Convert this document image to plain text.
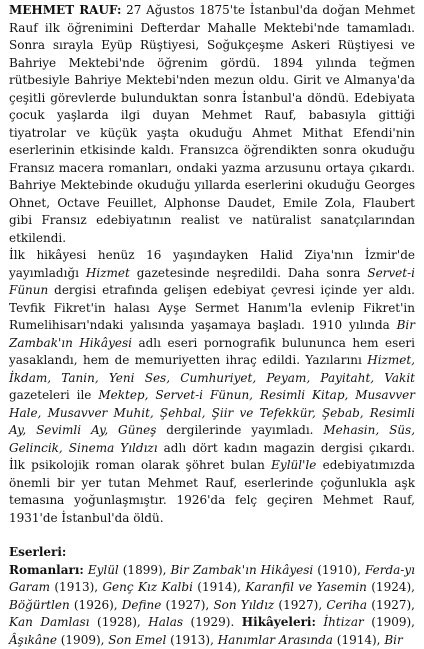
MEHMET RAUF: 27 Ağustos 1875'te İstanbul'da doğan Mehmet Rauf ilk öğrenimini Defterdar Mahalle Mektebi'nde tamamladı. Sonra sırayla Eyüp Rüştiyesi, Soğukçeşme Askeri Rüştiyesi ve Bahriye Mektebi'nde öğrenim gördü. 1894 yılında teğmen rütbesiyle Bahriye Mektebi'nden mezun oldu. Girit ve Almanya'da çeşitli görevlerde bulunduktan sonra İstanbul'a döndü. Edebiyata çocuk yaşlarda ilgi duyan Mehmet Rauf, babasıyla gittiği tiyatrolar ve küçük yaşta okuduğu Ahmet Mithat Efendi'nin eserlerinin etkisinde kaldı. Fransızca öğrendikten sonra okuduğu Fransız macera romanları, ondaki yazma arzusunu ortaya çıkardı. Bahriye Mektebinde okuduğu yıllarda eserlerini okuduğu Georges Ohnet, Octave Feuillet, Alphonse Daudet, Emile Zola, Flaubert gibi Fransız edebiyatının realist ve natüralist sanatçılarından etkilendi.

İlk hikâyesi henüz 16 yaşındayken Halid Ziya'nın İzmir'de yayımladığı Hizmet gazetesinde neşredildi. Daha sonra Servet-i Fünun dergisi etrafında gelişen edebiyat çevresi içinde yer aldı. Tevfik Fikret'in halası Ayşe Sermet Hanım'la evlenip Fikret'in Rumelihisarı'ndaki yalısında yaşamaya başladı. 1910 yılında Bir Zambak'ın Hikâyesi adlı eseri pornografik bulununca hem eseri yasaklandı, hem de memuriyetten ihraç edildi. Yazılarını Hizmet, İkdam, Tanin, Yeni Ses, Cumhuriyet, Peyam, Payitaht, Vakit gazeteleri ile Mektep, Servet-i Fünun, Resimli Kitap, Musavver Hale, Musavver Muhit, Şehbal, Şiir ve Tefekkür, Şebab, Resimli Ay, Sevimli Ay, Güneş dergilerinde yayımladı. Mehasin, Süs, Gelincik, Sinema Yıldızı adlı dört kadın magazin dergisi çıkardı. İlk psikolojik roman olarak şöhret bulan Eylül'le edebiyatımızda önemli bir yer tutan Mehmet Rauf, eserlerinde çoğunlukla aşk temasına yoğunlaşmıştır. 1926'da felç geçiren Mehmet Rauf, 1931'de İstanbul'da öldü.

Eserleri:

Romanları: Eylül (1899), Bir Zambak'ın Hikâyesi (1910), Ferda-yı Garam (1913), Genç Kız Kalbi (1914), Karanfil ve Yasemin (1924), Böğürtlen (1926), Define (1927), Son Yıldız (1927), Ceriha (1927), Kan Damlası (1928), Halas (1929). Hikâyeleri: İhtizar (1909), Âşıkâne (1909), Son Emel (1913), Hanımlar Arasında (1914), Bir
